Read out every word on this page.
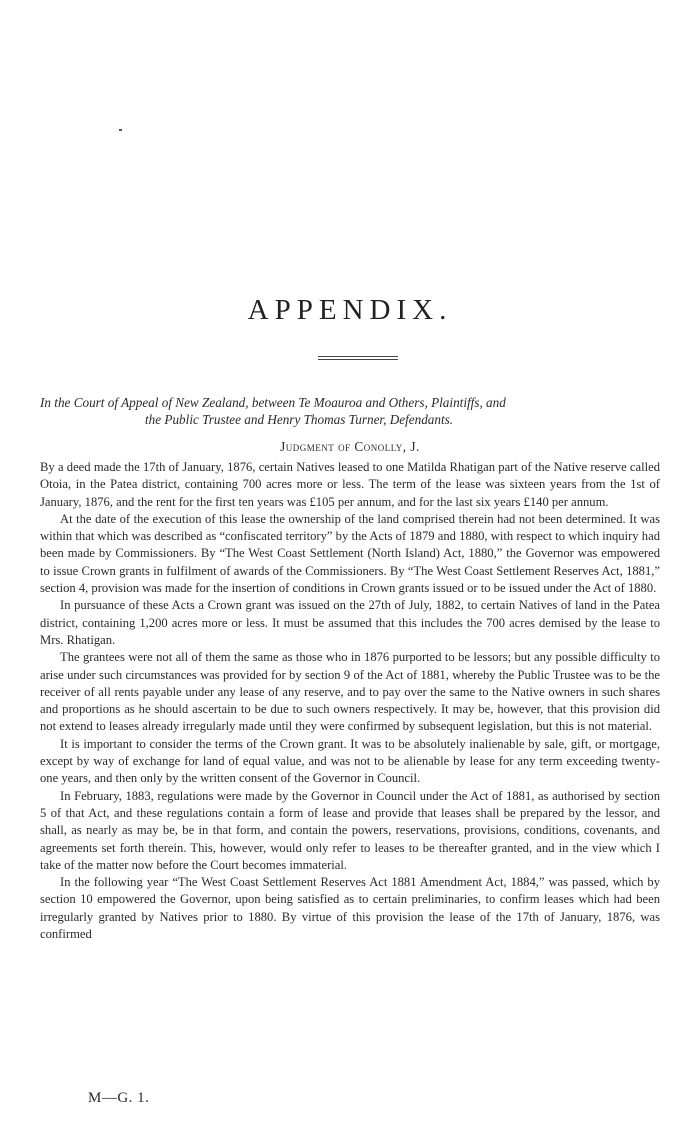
APPENDIX.
In the Court of Appeal of New Zealand, between Te Moauroa and Others, Plaintiffs, and
the Public Trustee and Henry Thomas Turner, Defendants.
Judgment of Conolly, J.

By a deed made the 17th of January, 1876, certain Natives leased to one Matilda Rhatigan part of the Native reserve called Otoia, in the Patea district, containing 700 acres more or less. The term of the lease was sixteen years from the 1st of January, 1876, and the rent for the first ten years was £105 per annum, and for the last six years £140 per annum.

At the date of the execution of this lease the ownership of the land comprised therein had not been determined. It was within that which was described as “confiscated territory” by the Acts of 1879 and 1880, with respect to which inquiry had been made by Commissioners. By “The West Coast Settlement (North Island) Act, 1880,” the Governor was empowered to issue Crown grants in fulfilment of awards of the Commissioners. By “The West Coast Settlement Reserves Act, 1881,” section 4, provision was made for the insertion of conditions in Crown grants issued or to be issued under the Act of 1880.

In pursuance of these Acts a Crown grant was issued on the 27th of July, 1882, to certain Natives of land in the Patea district, containing 1,200 acres more or less. It must be assumed that this includes the 700 acres demised by the lease to Mrs. Rhatigan.

The grantees were not all of them the same as those who in 1876 purported to be lessors; but any possible difficulty to arise under such circumstances was provided for by section 9 of the Act of 1881, whereby the Public Trustee was to be the receiver of all rents payable under any lease of any reserve, and to pay over the same to the Native owners in such shares and proportions as he should ascertain to be due to such owners respectively. It may be, however, that this provision did not extend to leases already irregularly made until they were confirmed by subsequent legislation, but this is not material.

It is important to consider the terms of the Crown grant. It was to be absolutely inalienable by sale, gift, or mortgage, except by way of exchange for land of equal value, and was not to be alienable by lease for any term exceeding twenty-one years, and then only by the written consent of the Governor in Council.

In February, 1883, regulations were made by the Governor in Council under the Act of 1881, as authorised by section 5 of that Act, and these regulations contain a form of lease and provide that leases shall be prepared by the lessor, and shall, as nearly as may be, be in that form, and contain the powers, reservations, provisions, conditions, covenants, and agreements set forth therein. This, however, would only refer to leases to be thereafter granted, and in the view which I take of the matter now before the Court becomes immaterial.

In the following year “The West Coast Settlement Reserves Act 1881 Amendment Act, 1884,” was passed, which by section 10 empowered the Governor, upon being satisfied as to certain preliminaries, to confirm leases which had been irregularly granted by Natives prior to 1880. By virtue of this provision the lease of the 17th of January, 1876, was confirmed

M—G. 1.
